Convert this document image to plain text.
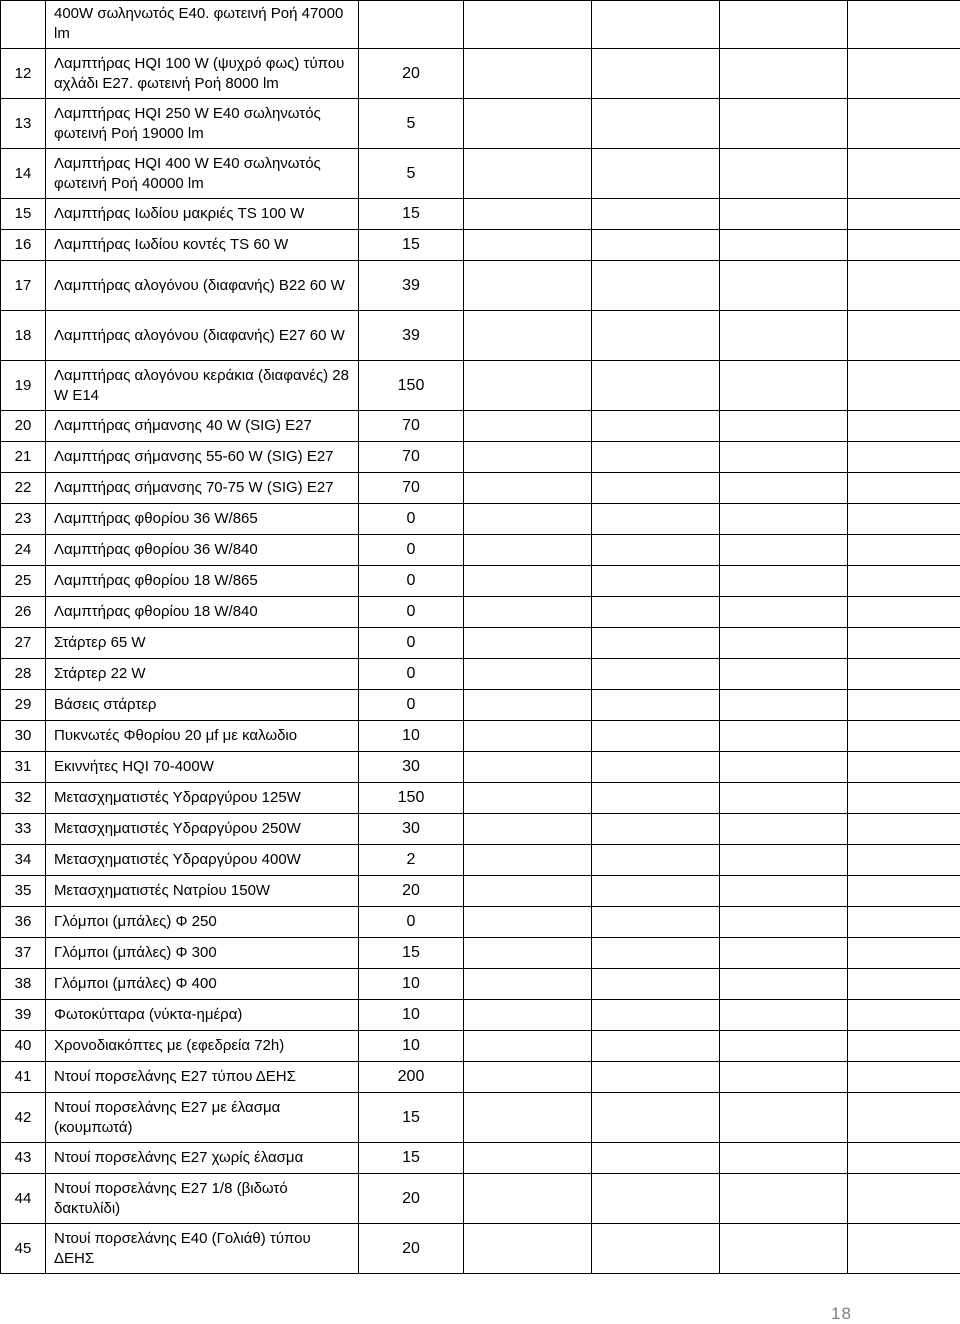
	400W σωληνωτός Ε40. φωτεινή Ροή 47000
lm					
12	Λαμπτήρας HQI 100 W (ψυχρό φως) τύπου αχλάδι Ε27. φωτεινή Ροή 8000 lm	20				
13	Λαμπτήρας HQI 250 W Ε40 σωληνωτός φωτεινή Ροή 19000 lm	5				
14	Λαμπτήρας HQI 400 W Ε40 σωληνωτός φωτεινή Ροή 40000 lm	5				
15	Λαμπτήρας Ιωδίου μακριές TS 100 W	15				
16	Λαμπτήρας Ιωδίου κοντές TS 60 W	15				
17	Λαμπτήρας αλογόνου (διαφανής) Β22 60 W	39				
18	Λαμπτήρας αλογόνου (διαφανής) Ε27 60 W	39				
19	Λαμπτήρας αλογόνου κεράκια (διαφανές) 28 W E14	150				
20	Λαμπτήρας σήμανσης 40 W (SIG) E27	70				
21	Λαμπτήρας σήμανσης 55-60 W (SIG) E27	70				
22	Λαμπτήρας σήμανσης 70-75 W (SIG) E27	70				
23	Λαμπτήρας φθορίου 36 W/865	0				
24	Λαμπτήρας φθορίου 36 W/840	0				
25	Λαμπτήρας φθορίου 18 W/865	0				
26	Λαμπτήρας φθορίου 18 W/840	0				
27	Στάρτερ 65 W	0				
28	Στάρτερ 22 W	0				
29	Βάσεις στάρτερ	0				
30	Πυκνωτές Φθορίου 20 μf με καλωδιο	10				
31	Εκιννήτες HQI 70-400W	30				
32	Μετασχηματιστές Υδραργύρου 125W	150				
33	Μετασχηματιστές Υδραργύρου 250W	30				
34	Μετασχηματιστές Υδραργύρου 400W	2				
35	Μετασχηματιστές Νατρίου 150W	20				
36	Γλόμποι (μπάλες) Φ 250	0				
37	Γλόμποι (μπάλες) Φ 300	15				
38	Γλόμποι (μπάλες) Φ 400	10				
39	Φωτοκύτταρα (νύκτα-ημέρα)	10				
40	Χρονοδιακόπτες με (εφεδρεία 72h)	10				
41	Ντουί πορσελάνης Ε27 τύπου ΔΕΗΣ	200				
42	Ντουί πορσελάνης Ε27 με έλασμα (κουμπωτά)	15				
43	Ντουί πορσελάνης Ε27 χωρίς έλασμα	15				
44	Ντουί πορσελάνης Ε27 1/8 (βιδωτό δακτυλίδι)	20				
45	Ντουί πορσελάνης Ε40 (Γολιάθ) τύπου ΔΕΗΣ	20				
18
